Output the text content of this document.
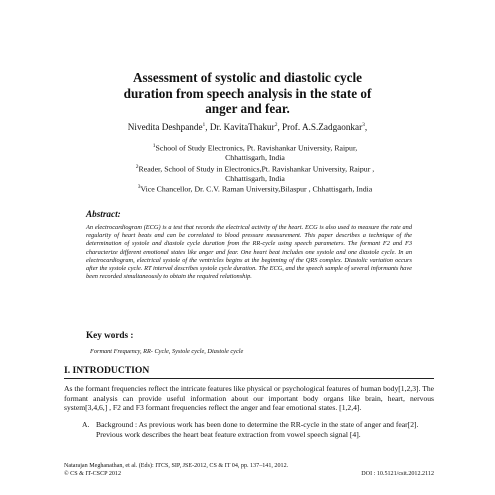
Assessment of systolic and diastolic cycle
duration from speech analysis in the state of
anger and fear.
Nivedita Deshpande$^1$, Dr. KavitaThakur$^2$, Prof. A.S.Zadgaonkar$^3$,
$^1$School of Study Electronics, Pt. Ravishankar University, Raipur,
Chhattisgarh, India
$^2$Reader, School of Study in Electronics,Pt. Ravishankar University, Raipur ,
Chhattisgarh, India
$^3$Vice Chancellor, Dr. C.V. Raman University,Bilaspur , Chhattisgarh, India
Abstract:
An electrocardiogram (ECG) is a test that records the electrical activity of the heart. ECG is also used to measure the rate and regularity of heart beats and can be correlated to blood pressure measurement. This paper describes a technique of the determination of systole and diastole cycle duration from the RR-cycle using speech parameters. The formant F2 and F3 characterize different emotional states like anger and fear. One heart beat includes one systole and one diastole cycle. In an electrocardiogram, electrical systole of the ventricles begins at the beginning of the QRS complex. Diastolic variation occurs after the systole cycle. RT interval describes systole cycle duration. The ECG, and the speech sample of several informants have been recorded simultaneously to obtain the required relationship.
Key words :
Formant Frequency, RR- Cycle, Systole cycle, Diastole cycle
I. INTRODUCTION
As the formant frequencies reflect the intricate features like physical or psychological features of human body[1,2,3]. The formant analysis can provide useful information about our important body organs like brain, heart, nervous system[3,4,6,] , F2 and F3 formant frequencies reflect the anger and fear emotional states. [1,2,4].
A. Background : As previous work has been done to determine the RR-cycle in the state of anger and fear[2]. Previous work describes the heart beat feature extraction from vowel speech signal [4].
Natarajan Meghanathan, et al. (Eds): ITCS, SIP, JSE-2012, CS & IT 04, pp. 137–141, 2012.
© CS & IT-CSCP 2012	DOI : 10.5121/csit.2012.2112
